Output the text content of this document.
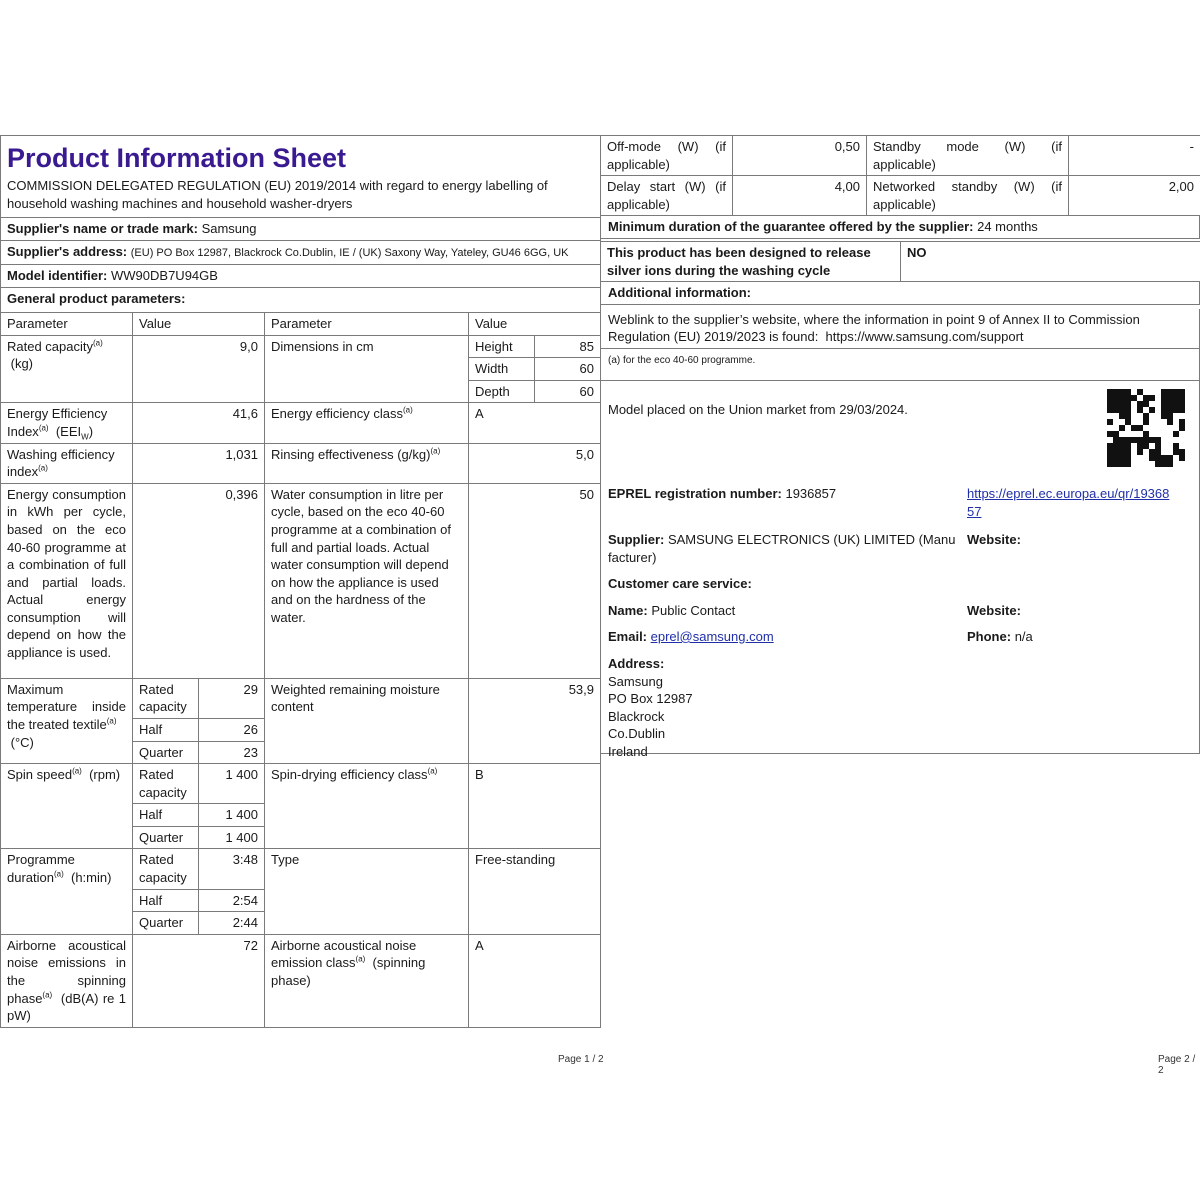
Product Information Sheet
COMMISSION DELEGATED REGULATION (EU) 2019/2014 with regard to energy labelling of household washing machines and household washer-dryers					

Supplier's name or trade mark: Samsung					
Supplier's address: (EU) PO Box 12987, Blackrock Co.Dublin, IE / (UK) Saxony Way, Yateley, GU46 6GG, UK					
Model identifier: WW90DB7U94GB					
General product parameters:					
Parameter	Value		Parameter	Value	
Rated capacity$^{(a)}$
(kg)	9,0		Dimensions in cm	Height	85
				Width	60
				Depth	60
Energy Efficiency
Index$^{(a)}$ $(EEI_W)$	41,6		Energy efficiency class$^{(a)}$	A	
Washing efficiency
index$^{(a)}$	1,031		Rinsing effectiveness $(g/kg)^{(a)}$	5,0	
Energy consumption in kWh per cycle, based on the eco 40-60 programme at a combination of full and partial loads. Actual energy consumption will depend on how the appliance is used.	0,396		Water consumption in litre per cycle, based on the eco 40-60 programme at a combination of full and partial loads. Actual water consumption will depend on how the appliance is used and on the hardness of the water.	50	
Maximum temperature inside the treated textile$^{(a)}$
(°C)	Rated capacity	29	Weighted remaining moisture content	53,9	
	Half	26			
	Quarter	23			
Spin speed$^{(a)}$ (rpm)	Rated capacity	1 400	Spin-drying efficiency class$^{(a)}$	B	
	Half	1 400			
	Quarter	1 400			
Programme duration$^{(a)}$ (h:min)	Rated capacity	3:48	Type	Free-standing	
	Half	2:54			
	Quarter	2:44			
Airborne acoustical noise emissions in the spinning phase$^{(a)}$ (dB(A) re 1 pW)	72		Airborne acoustical noise emission class$^{(a)}$ (spinning phase)	A	
Off-mode (W) (if applicable)	0,50	Standby mode (W) (if applicable)	-
Delay start (W) (if applicable)	4,00	Networked standby (W) (if applicable)	2,00
Minimum duration of the guarantee offered by the supplier: 24 months
This product has been designed to release silver ions during the washing cycle	NO
Additional information:
Weblink to the supplier’s website, where the information in point 9 of Annex II to Commission Regulation (EU) 2019/2023 is found: https://www.samsung.com/support
(a) for the eco 40-60 programme.
Model placed on the Union market from 29/03/2024.
EPREL registration number: 1936857	https://eprel.ec.europa.eu/qr/1936857
Supplier: SAMSUNG ELECTRONICS (UK) LIMITED (Manufacturer)
Website:
Customer care service:
Name: Public Contact	Website:
Email: eprel@samsung.com	Phone: n/a
Address:
Samsung
PO Box 12987
Blackrock
Co.Dublin
Ireland
Page 1 / 2	Page 2 / 2
